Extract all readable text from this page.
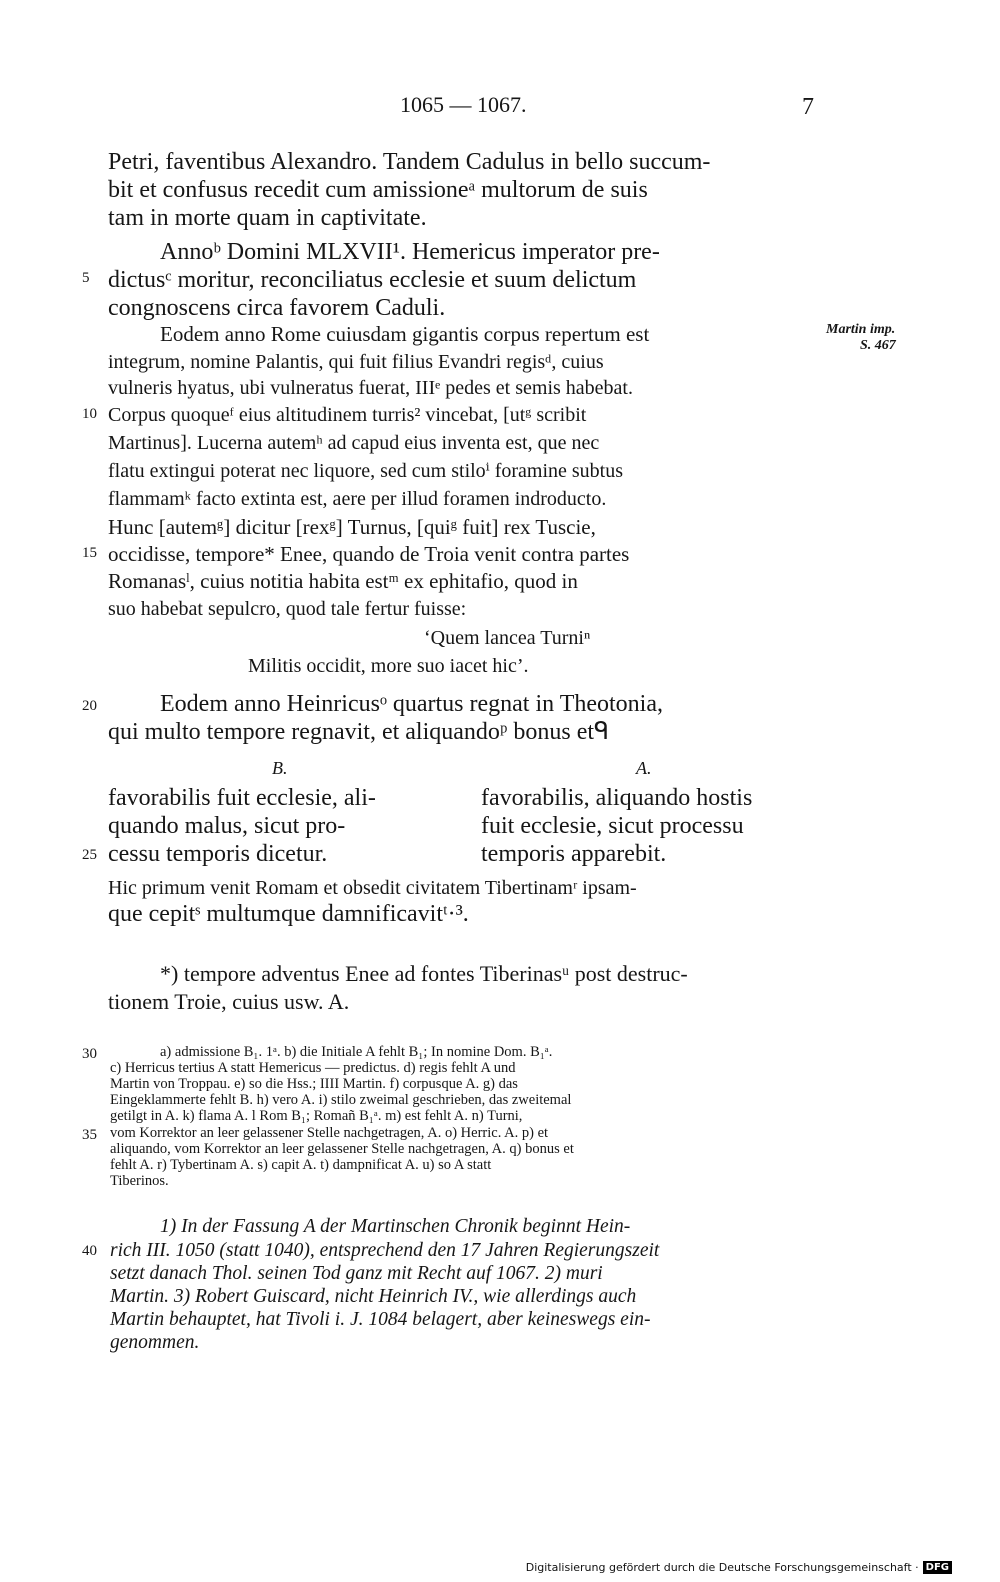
1065 — 1067.	7
Petri, faventibus Alexandro. Tandem Cadulus in bello succum-
bit et confusus recedit cum amissioneᵃ multorum de suis
tam in morte quam in captivitate.
Annoᵇ Domini MLXVII¹. Hemericus imperator pre-
dictusᶜ moritur, reconciliatus ecclesie et suum delictum
congnoscens circa favorem Caduli.
Eodem anno Rome cuiusdam gigantis corpus repertum est
integrum, nomine Palantis, qui fuit filius Evandri regisᵈ, cuius
vulneris hyatus, ubi vulneratus fuerat, IIIᵉ pedes et semis habebat.
Corpus quoqueᶠ eius altitudinem turris² vincebat, [utᵍ scribit
Martinus]. Lucerna autemʰ ad capud eius inventa est, que nec
flatu extingui poterat nec liquore, sed cum stiloⁱ foramine subtus
flammamᵏ facto extinta est, aere per illud foramen indroducto.
Hunc [autemᵍ] dicitur [rexᵍ] Turnus, [quiᵍ fuit] rex Tuscie,
occidisse, tempore* Enee, quando de Troia venit contra partes
Romanasˡ, cuius notitia habita estᵐ ex ephitafio, quod in
suo habebat sepulcro, quod tale fertur fuisse:
5
10
15
20
25
30
35
40
Martin imp.
S. 467
‘Quem lancea Turniⁿ
Militis occidit, more suo iacet hic’.
Eodem anno Heinricusᵒ quartus regnat in Theotonia,
qui multo tempore regnavit, et aliquandoᵖ bonus etᑫ
B.	A.
favorabilis fuit ecclesie, ali-
quando malus, sicut pro-
cessu temporis dicetur.
favorabilis, aliquando hostis
fuit ecclesie, sicut processu
temporis apparebit.
Hic primum venit Romam et obsedit civitatem Tibertinamʳ ipsam-
que cepitˢ multumque damnificavitᵗ·³.
*) tempore adventus Enee ad fontes Tiberinasᵘ post destruc-
tionem Troie, cuius usw. A.
a) admissione B₁. 1ᵃ. b) die Initiale A fehlt B₁; In nomine Dom. B₁ᵃ.
c) Herricus tertius A statt Hemericus — predictus. d) regis fehlt A und
Martin von Troppau. e) so die Hss.; IIII Martin. f) corpusque A. g) das
Eingeklammerte fehlt B. h) vero A. i) stilo zweimal geschrieben, das zweitemal
getilgt in A. k) flama A. l Rom B₁; Romañ B₁ᵃ. m) est fehlt A. n) Turni,
vom Korrektor an leer gelassener Stelle nachgetragen, A. o) Herric. A. p) et
aliquando, vom Korrektor an leer gelassener Stelle nachgetragen, A. q) bonus et
fehlt A. r) Tybertinam A. s) capit A. t) dampnificat A. u) so A statt
Tiberinos.
1) In der Fassung A der Martinschen Chronik beginnt Hein-
rich III. 1050 (statt 1040), entsprechend den 17 Jahren Regierungszeit
setzt danach Thol. seinen Tod ganz mit Recht auf 1067. 2) muri
Martin. 3) Robert Guiscard, nicht Heinrich IV., wie allerdings auch
Martin behauptet, hat Tivoli i. J. 1084 belagert, aber keineswegs ein-
genommen.
Digitalisierung gefördert durch die Deutsche Forschungsgemeinschaft · DFG
